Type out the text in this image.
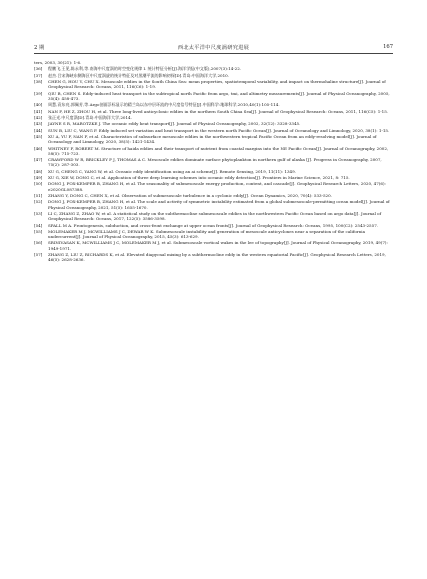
2 期	西北太平洋中尺度涡研究进展	167
ters, 2003, 30(21): 1-6.
[36] 程鹏飞,王见,陈永利,等.南海中尺度涡的时空变化规律 Ⅰ. 统计特征分析[J].海洋学报(中文版),2007(3):14-22.
[37] 赵杰.吕宋海峡东侧海区中尺度涡旋的统计特征及对黑潮平流的影响初探[D].青岛:中国海洋大学,2010.
[38] CHEN G, HOU Y, CHU X. Mesoscale eddies in the South China Sea: mean properties, spatiotemporal variability, and impact on thermohaline structure[J]. Journal of Geophysical Research: Oceans, 2011, 116(C6): 1-19.
[39] QIU B, CHEN S. Eddy-induced heat transport in the subtropical north Pacific from argo, tmi, and altimetry measurements[J]. Journal of Physical Oceanography, 2005, 35(4): 458-473.
[40] 周慧,袁东亮,郭佩芳,等.Argo剖面浮标显示的精兰岛以东中层环流的中尺度信号特征[J].中国科学:地球科学,2010,40(1):105-114.
[41] NAN F, HE Z, ZHOU H, et al. Three long-lived anticyclonic eddies in the northern South China Sea[J]. Journal of Geophysical Research: Oceans, 2011, 116(C5): 1-15.
[42] 张正光.中尺度涡[D].青岛:中国海洋大学,2014.
[43] JAYNE S R, MAROTZKE J. The oceanic eddy heat transport[J]. Journal of Physical Oceanography, 2002, 32(12): 3328-3345.
[44] SUN B, LIU C, WANG F. Eddy induced set variation and heat transport in the western north Pacific Ocean[J]. Journal of Oceanology and Limnology, 2020, 38(1): 1-15.
[45] XU A, YU F, NAN F, et al. Characteristics of subsurface mesoscale eddies in the northwestern tropical Pacific Ocean from an eddy-resolving model[J]. Journal of Oceanology and Limnology, 2020, 38(5): 1421-1434.
[46] WHITNEY F, ROBERT M. Structure of haida eddies and their transport of nutrient from coastal margins into the NE Pacific Ocean[J]. Journal of Oceanography, 2002, 58(5): 715-723.
[47] CRAWFORD W R, BRICKLEY P J, THOMAS A C. Mesoscale eddies dominate surface phytoplankton in northern gulf of alaska [J]. Progress in Oceanography, 2007, 75(2): 287-303.
[48] XU G, CHENG C, YANG W, et al. Oceanic eddy identification using an ai scheme[J]. Remote Sensing, 2019, 11(11): 1349.
[49] XU G, XIE W, DONG C, et al. Application of three deep learning schemes into oceanic eddy detection[J]. Frontiers in Marine Science, 2021, 8: 715.
[50] DONG J, FOX-KEMPER B, ZHANG H, et al. The seasonality of submesoscale energy production, content, and cascade[J]. Geophysical Research Letters, 2020, 47(6): e2020GL087388.
[51] ZHANG Y, DONG C, CHEN X, et al. Observation of submesoscale turbulence in a cyclonic eddy[J]. Ocean Dynamics, 2020, 70(4): 533-520.
[52] DONG J, FOX-KEMPER B, ZHANG H, et al. The scale and activity of symmetric instability estimated from a global submesoscale-permitting ocean model[J]. Journal of Physical Oceanography, 2021, 51(5): 1655-1670.
[53] LI C, ZHANG Z, ZHAO W, et al. A statistical study on the subthermocline submesoscale eddies in the northwestern Pacific Ocean based on argo data[J]. Journal of Geophysical Research: Oceans, 2017, 122(5): 3586-3598.
[54] SPALL M A. Frontogenesis, subduction, and cross-front exchange at upper ocean fronts[J]. Journal of Geophysical Research: Oceans, 1995, 100(C2): 2543-2557.
[55] MOLEMAKER M J, MCWILLIAMS J C, DEWAR W K. Submesoscale instability and generation of mesoscale anticyclones near a separation of the california undercurrent[J]. Journal of Physical Oceanography, 2015, 45(3): 613-629.
[56] SRINIVASAN K, MCWILLIAMS J C, MOLEMAKER M J, et al. Submesoscale vortical wakes in the lee of topography[J]. Journal of Physical Oceanography, 2019, 49(7): 1949-1971.
[57] ZHANG Z, LIU Z, RICHARDS K, et al. Elevated diapycnal mixing by a subthermocline eddy in the western equatorial Pacific[J]. Geophysical Research Letters, 2019, 46(5): 2628-2636.
